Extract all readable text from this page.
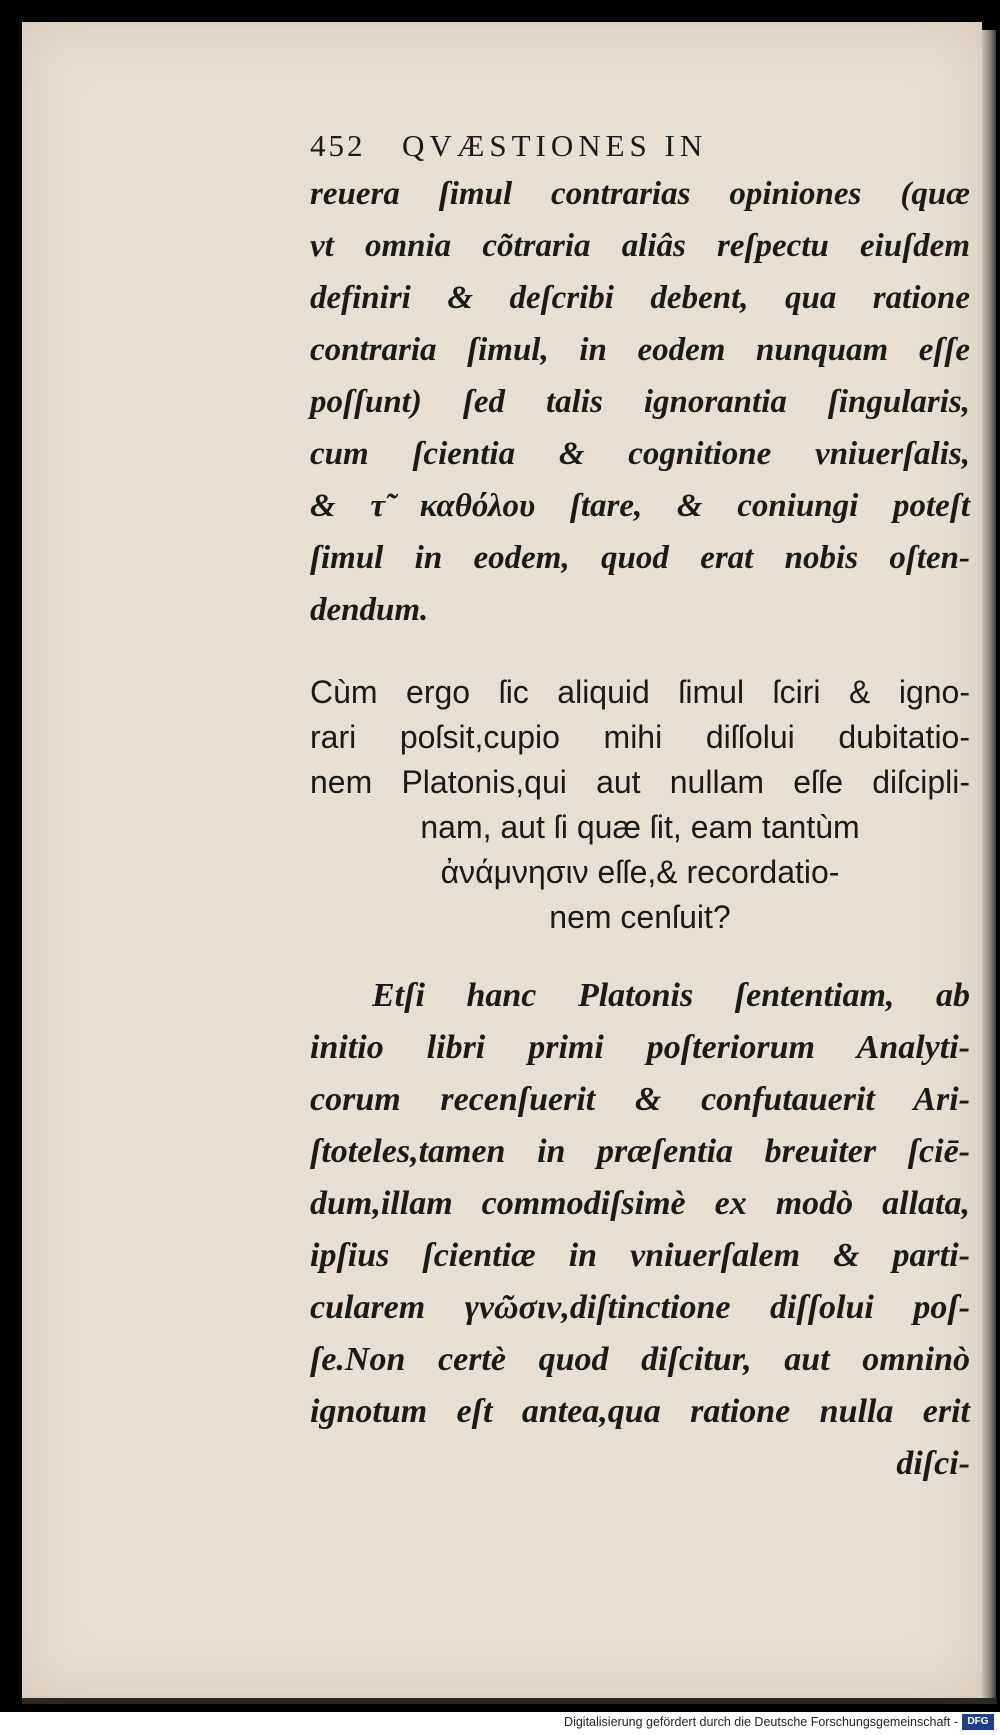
452	QVÆSTIONES IN
reuera ſimul contrarias opiniones (quæ
vt omnia cõtraria aliâs reſpectu eiuſdem
definiri & deſcribi debent, qua ratione
contraria ſimul, in eodem nunquam eſſe
poſſunt) ſed talis ignorantia ſingularis,
cum ſcientia & cognitione vniuerſalis,
& τ̃ καθόλου ſtare, & coniungi poteſt
ſimul in eodem, quod erat nobis oſten-
dendum.
Cùm ergo ſic aliquid ſimul ſciri & igno-
rari poſsit,cupio mihi diſſolui dubitatio-
nem Platonis,qui aut nullam eſſe diſcipli-
nam, aut ſi quæ ſit, eam tantùm
ἀνάμνησιν eſſe,& recordatio-
nem cenſuit?
Etſi hanc Platonis ſententiam, ab
initio libri primi poſteriorum Analyti-
corum recenſuerit & confutauerit Ari-
ſtoteles,tamen in præſentia breuiter ſciē-
dum,illam commodiſsimè ex modò allata,
ipſius ſcientiæ in vniuerſalem & parti-
cularem γνῶσιν,diſtinctione diſſolui poſ-
ſe.Non certè quod diſcitur, aut omninò
ignotum eſt antea,qua ratione nulla erit
diſci-
Digitalisierung gefördert durch die Deutsche Forschungsgemeinschaft - DFG
